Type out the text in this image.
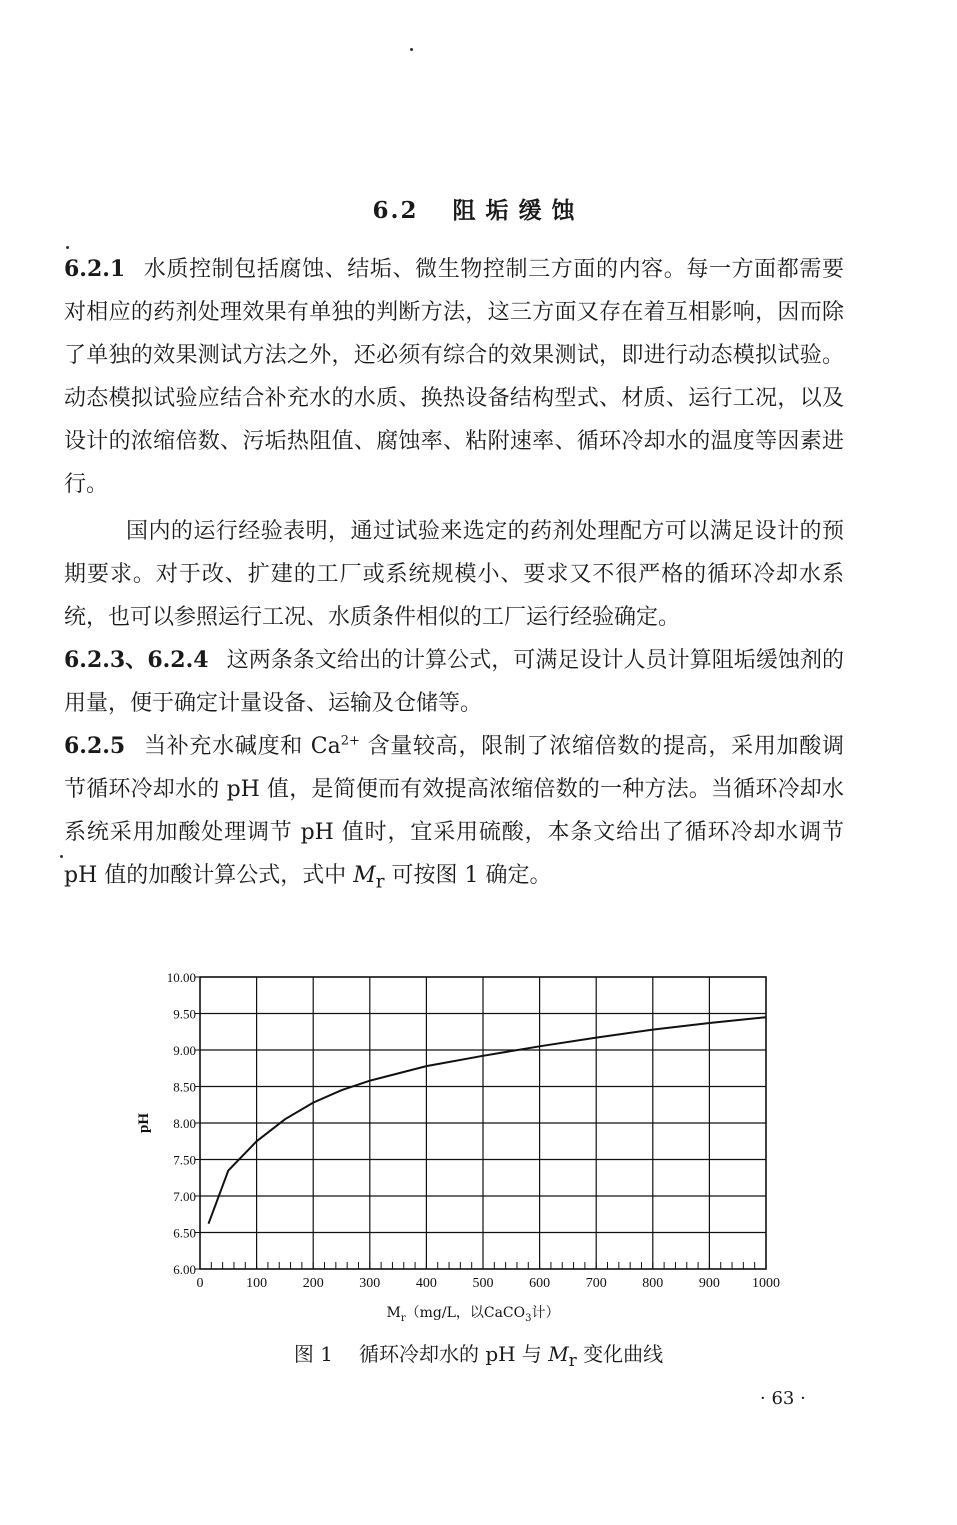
6.2 阻垢缓蚀

6.2.1 水质控制包括腐蚀、结垢、微生物控制三方面的内容。每一方面都需要对相应的药剂处理效果有单独的判断方法，这三方面又存在着互相影响，因而除了单独的效果测试方法之外，还必须有综合的效果测试，即进行动态模拟试验。动态模拟试验应结合补充水的水质、换热设备结构型式、材质、运行工况，以及设计的浓缩倍数、污垢热阻值、腐蚀率、粘附速率、循环冷却水的温度等因素进行。

国内的运行经验表明，通过试验来选定的药剂处理配方可以满足设计的预期要求。对于改、扩建的工厂或系统规模小、要求又不很严格的循环冷却水系统，也可以参照运行工况、水质条件相似的工厂运行经验确定。

6.2.3、6.2.4 这两条条文给出的计算公式，可满足设计人员计算阻垢缓蚀剂的用量，便于确定计量设备、运输及仓储等。

6.2.5 当补充水碱度和 $Ca^{2+}$ 含量较高，限制了浓缩倍数的提高，采用加酸调节循环冷却水的 pH 值，是简便而有效提高浓缩倍数的一种方法。当循环冷却水系统采用加酸处理调节 pH 值时，宜采用硫酸，本条文给出了循环冷却水调节 pH 值的加酸计算公式，式中 $M_r$ 可按图 1 确定。

0	100	200	300	400	500	600	700	800	900 1000
6.00
6.50
7.00
7.50
8.00
8.50
9.00
9.50
10.00
pH
$M_r(mg/L$，以CaCO$_3$计）
图 1 循环冷却水的 pH 与 $M_r$ 变化曲线
· 63 ·
